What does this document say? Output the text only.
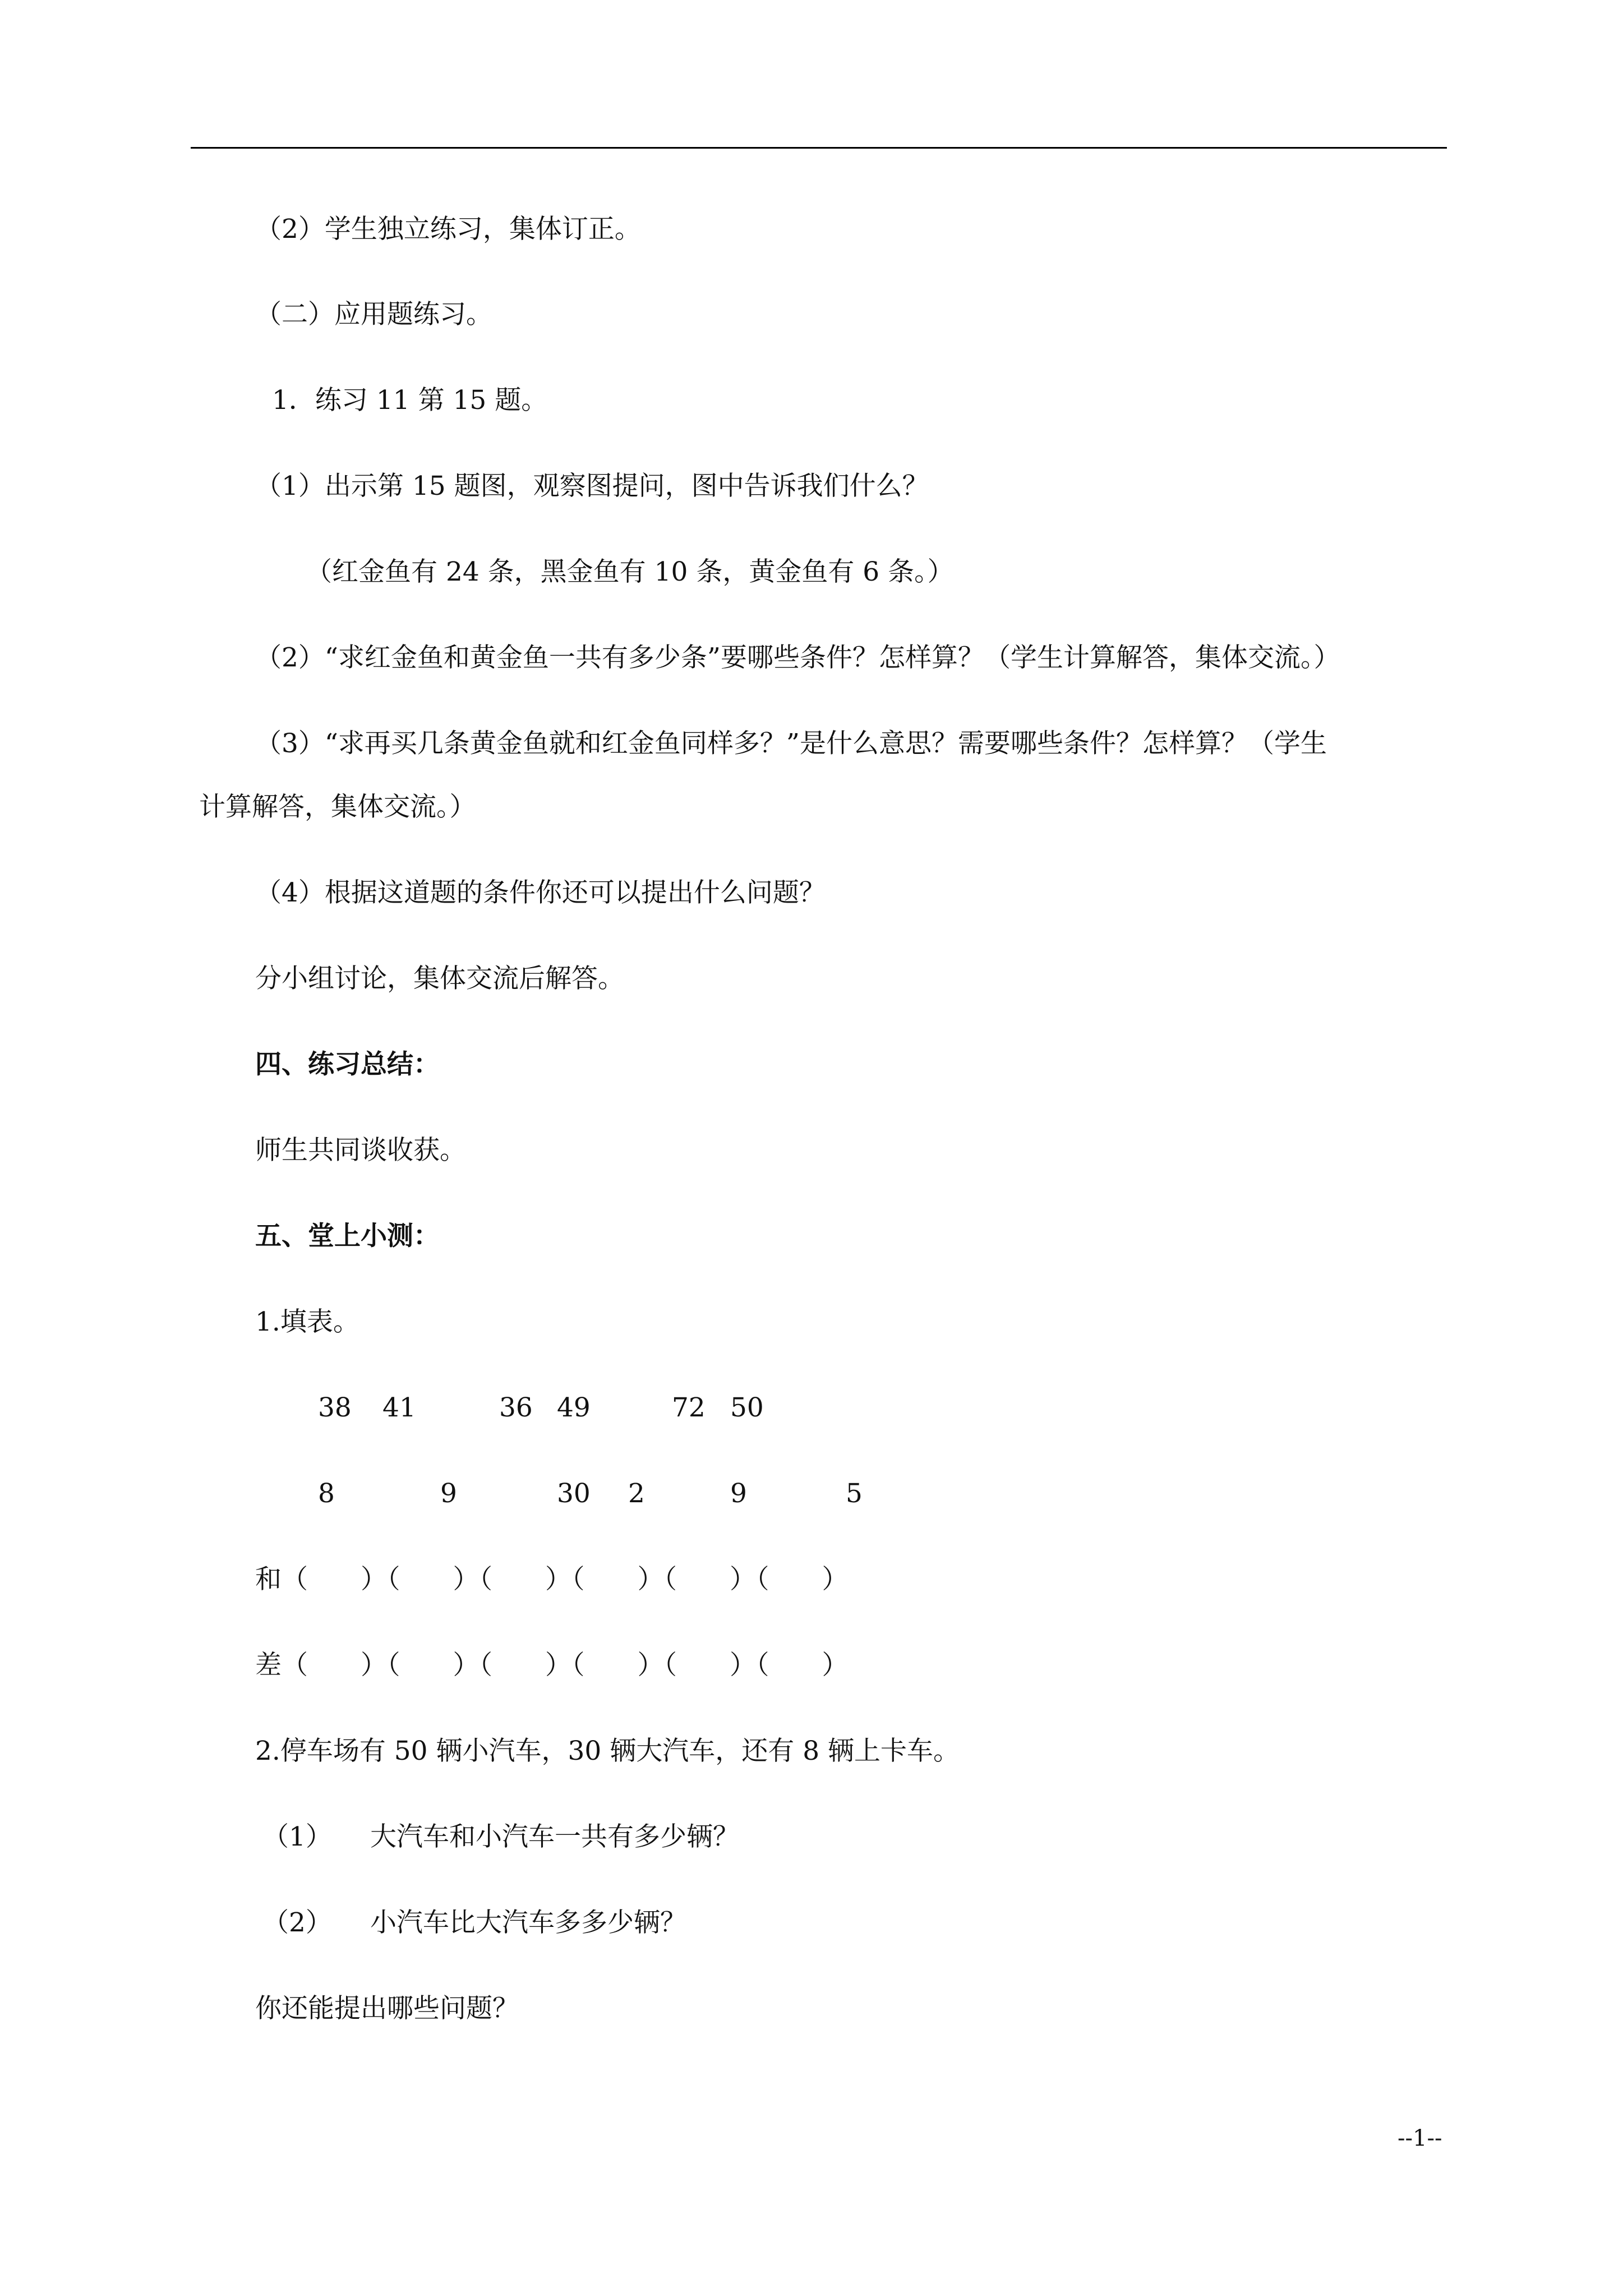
（2）学生独立练习，集体订正。
（二）应用题练习。
1．练习 11 第 15 题。
（1）出示第 15 题图，观察图提问，图中告诉我们什么？
（红金鱼有 24 条，黑金鱼有 10 条，黄金鱼有 6 条。）
（2）“求红金鱼和黄金鱼一共有多少条”要哪些条件？怎样算？（学生计算解答，集体交流。）
（3）“求再买几条黄金鱼就和红金鱼同样多？”是什么意思？需要哪些条件？怎样算？（学生
计算解答，集体交流。）
（4）根据这道题的条件你还可以提出什么问题？
分小组讨论，集体交流后解答。
四、练习总结：
师生共同谈收获。
五、堂上小测：
1.填表。
38 41	36 49	72 50
8	9	30 2	9	5
和（　　）（　　）（　　）（　　）（　　）（　　）
差（　　）（　　）（　　）（　　）（　　）（　　）
2.停车场有 50 辆小汽车，30 辆大汽车，还有 8 辆上卡车。
（1） 大汽车和小汽车一共有多少辆？
（2） 小汽车比大汽车多多少辆？
你还能提出哪些问题？
--1--
